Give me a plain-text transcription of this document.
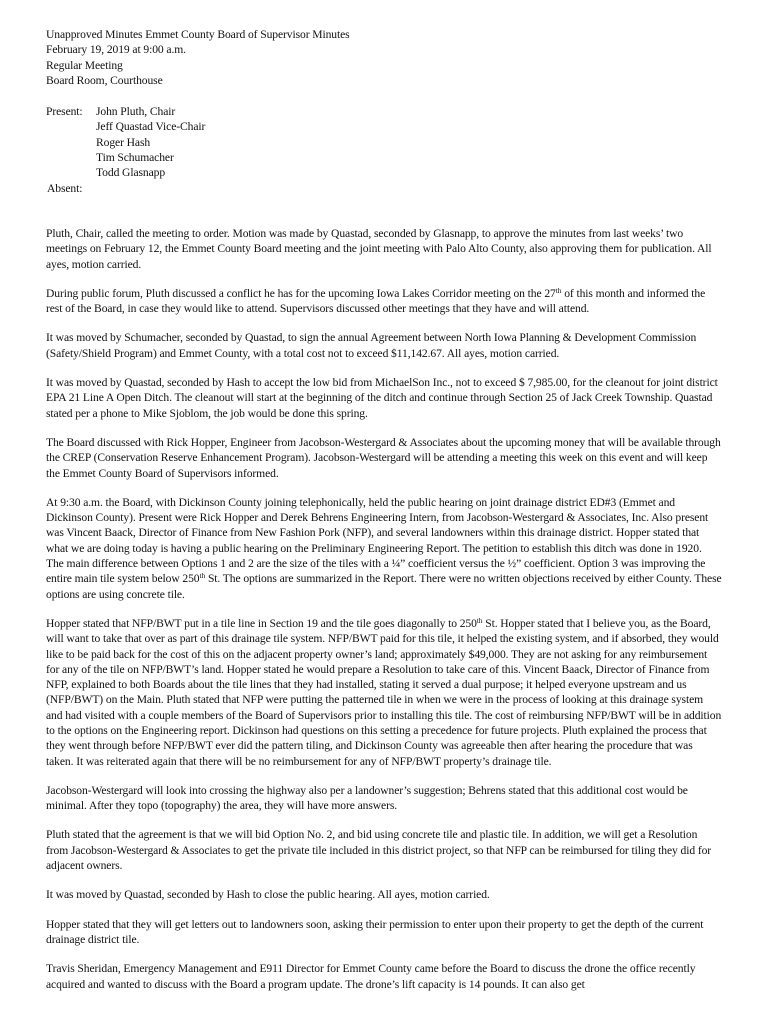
Unapproved Minutes Emmet County Board of Supervisor Minutes
February 19, 2019 at 9:00 a.m.
Regular Meeting
Board Room, Courthouse
Present:	John Pluth, Chair
Jeff Quastad Vice-Chair
Roger Hash
Tim Schumacher
Todd Glasnapp
Absent:

Pluth, Chair, called the meeting to order. Motion was made by Quastad, seconded by Glasnapp, to approve the minutes from last weeks’ two meetings on February 12, the Emmet County Board meeting and the joint meeting with Palo Alto County, also approving them for publication. All ayes, motion carried.

During public forum, Pluth discussed a conflict he has for the upcoming Iowa Lakes Corridor meeting on the 27th of this month and informed the rest of the Board, in case they would like to attend. Supervisors discussed other meetings that they have and will attend.

It was moved by Schumacher, seconded by Quastad, to sign the annual Agreement between North Iowa Planning & Development Commission (Safety/Shield Program) and Emmet County, with a total cost not to exceed $11,142.67. All ayes, motion carried.

It was moved by Quastad, seconded by Hash to accept the low bid from MichaelSon Inc., not to exceed $ 7,985.00, for the cleanout for joint district EPA 21 Line A Open Ditch. The cleanout will start at the beginning of the ditch and continue through Section 25 of Jack Creek Township. Quastad stated per a phone to Mike Sjoblom, the job would be done this spring.

The Board discussed with Rick Hopper, Engineer from Jacobson-Westergard & Associates about the upcoming money that will be available through the CREP (Conservation Reserve Enhancement Program). Jacobson-Westergard will be attending a meeting this week on this event and will keep the Emmet County Board of Supervisors informed.

At 9:30 a.m. the Board, with Dickinson County joining telephonically, held the public hearing on joint drainage district ED#3 (Emmet and Dickinson County). Present were Rick Hopper and Derek Behrens Engineering Intern, from Jacobson-Westergard & Associates, Inc. Also present was Vincent Baack, Director of Finance from New Fashion Pork (NFP), and several landowners within this drainage district. Hopper stated that what we are doing today is having a public hearing on the Preliminary Engineering Report. The petition to establish this ditch was done in 1920. The main difference between Options 1 and 2 are the size of the tiles with a ¼” coefficient versus the ½” coefficient. Option 3 was improving the entire main tile system below 250th St. The options are summarized in the Report. There were no written objections received by either County. These options are using concrete tile.

Hopper stated that NFP/BWT put in a tile line in Section 19 and the tile goes diagonally to 250th St. Hopper stated that I believe you, as the Board, will want to take that over as part of this drainage tile system. NFP/BWT paid for this tile, it helped the existing system, and if absorbed, they would like to be paid back for the cost of this on the adjacent property owner’s land; approximately $49,000. They are not asking for any reimbursement for any of the tile on NFP/BWT’s land. Hopper stated he would prepare a Resolution to take care of this. Vincent Baack, Director of Finance from NFP, explained to both Boards about the tile lines that they had installed, stating it served a dual purpose; it helped everyone upstream and us (NFP/BWT) on the Main. Pluth stated that NFP were putting the patterned tile in when we were in the process of looking at this drainage system and had visited with a couple members of the Board of Supervisors prior to installing this tile. The cost of reimbursing NFP/BWT will be in addition to the options on the Engineering report. Dickinson had questions on this setting a precedence for future projects. Pluth explained the process that they went through before NFP/BWT ever did the pattern tiling, and Dickinson County was agreeable then after hearing the procedure that was taken. It was reiterated again that there will be no reimbursement for any of NFP/BWT property’s drainage tile.

Jacobson-Westergard will look into crossing the highway also per a landowner’s suggestion; Behrens stated that this additional cost would be minimal. After they topo (topography) the area, they will have more answers.

Pluth stated that the agreement is that we will bid Option No. 2, and bid using concrete tile and plastic tile. In addition, we will get a Resolution from Jacobson-Westergard & Associates to get the private tile included in this district project, so that NFP can be reimbursed for tiling they did for adjacent owners.

It was moved by Quastad, seconded by Hash to close the public hearing. All ayes, motion carried.

Hopper stated that they will get letters out to landowners soon, asking their permission to enter upon their property to get the depth of the current drainage district tile.

Travis Sheridan, Emergency Management and E911 Director for Emmet County came before the Board to discuss the drone the office recently acquired and wanted to discuss with the Board a program update. The drone’s lift capacity is 14 pounds. It can also get
